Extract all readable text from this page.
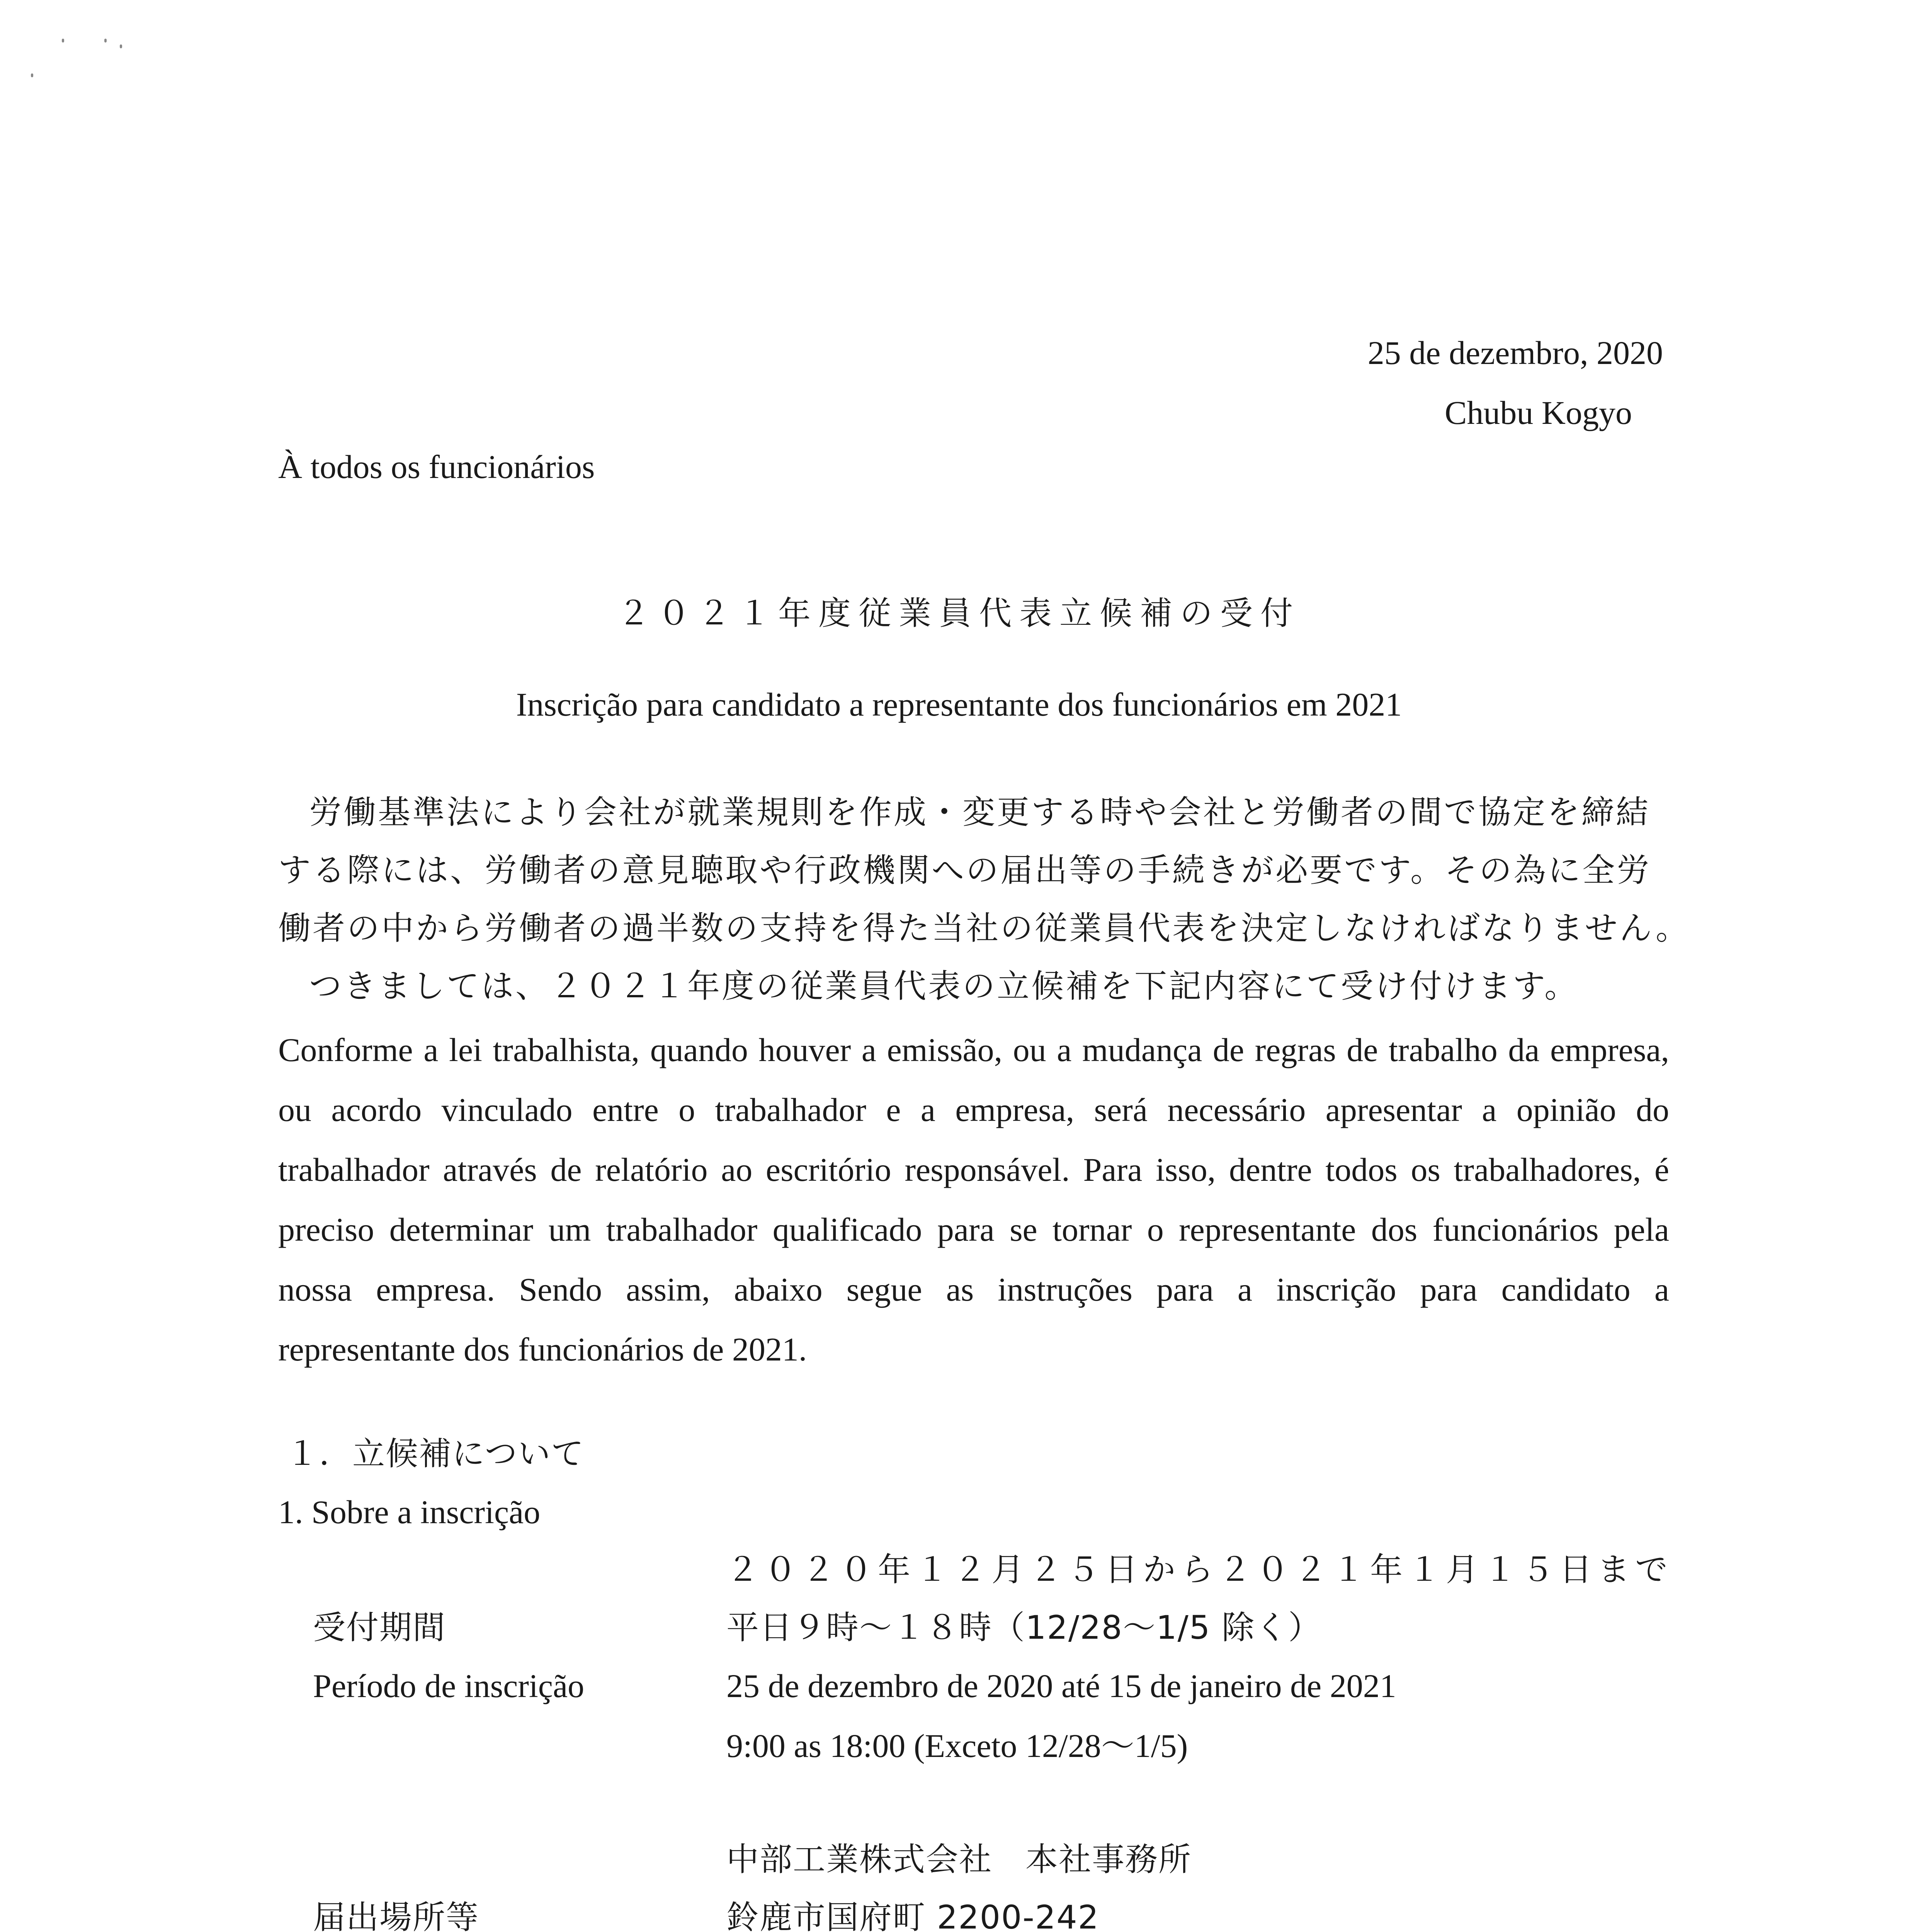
25 de dezembro, 2020
Chubu Kogyo
À todos os funcionários
２０２１年度従業員代表立候補の受付
Inscrição para candidato a representante dos funcionários em 2021
労働基準法により会社が就業規則を作成・変更する時や会社と労働者の間で協定を締結
する際には、労働者の意見聴取や行政機関への届出等の手続きが必要です。その為に全労
働者の中から労働者の過半数の支持を得た当社の従業員代表を決定しなければなりません。
つきましては、２０２１年度の従業員代表の立候補を下記内容にて受け付けます。
Conforme a lei trabalhista, quando houver a emissão, ou a mudança de regras de trabalho da empresa,
ou acordo vinculado entre o trabalhador e a empresa, será necessário apresentar a opinião do
trabalhador através de relatório ao escritório responsável. Para isso, dentre todos os trabalhadores, é
preciso determinar um trabalhador qualificado para se tornar o representante dos funcionários pela
nossa empresa. Sendo assim, abaixo segue as instruções para a inscrição para candidato a
representante dos funcionários de 2021.
１．立候補について
1. Sobre a inscrição
２０２０年１２月２５日から２０２１年１月１５日まで
受付期間	平日９時～１８時（12/28～1/5 除く）
Período de inscrição	25 de dezembro de 2020 até 15 de janeiro de 2021
9:00 as 18:00 (Exceto 12/28～1/5)
中部工業株式会社　本社事務所
届出場所等	鈴鹿市国府町 2200-242
